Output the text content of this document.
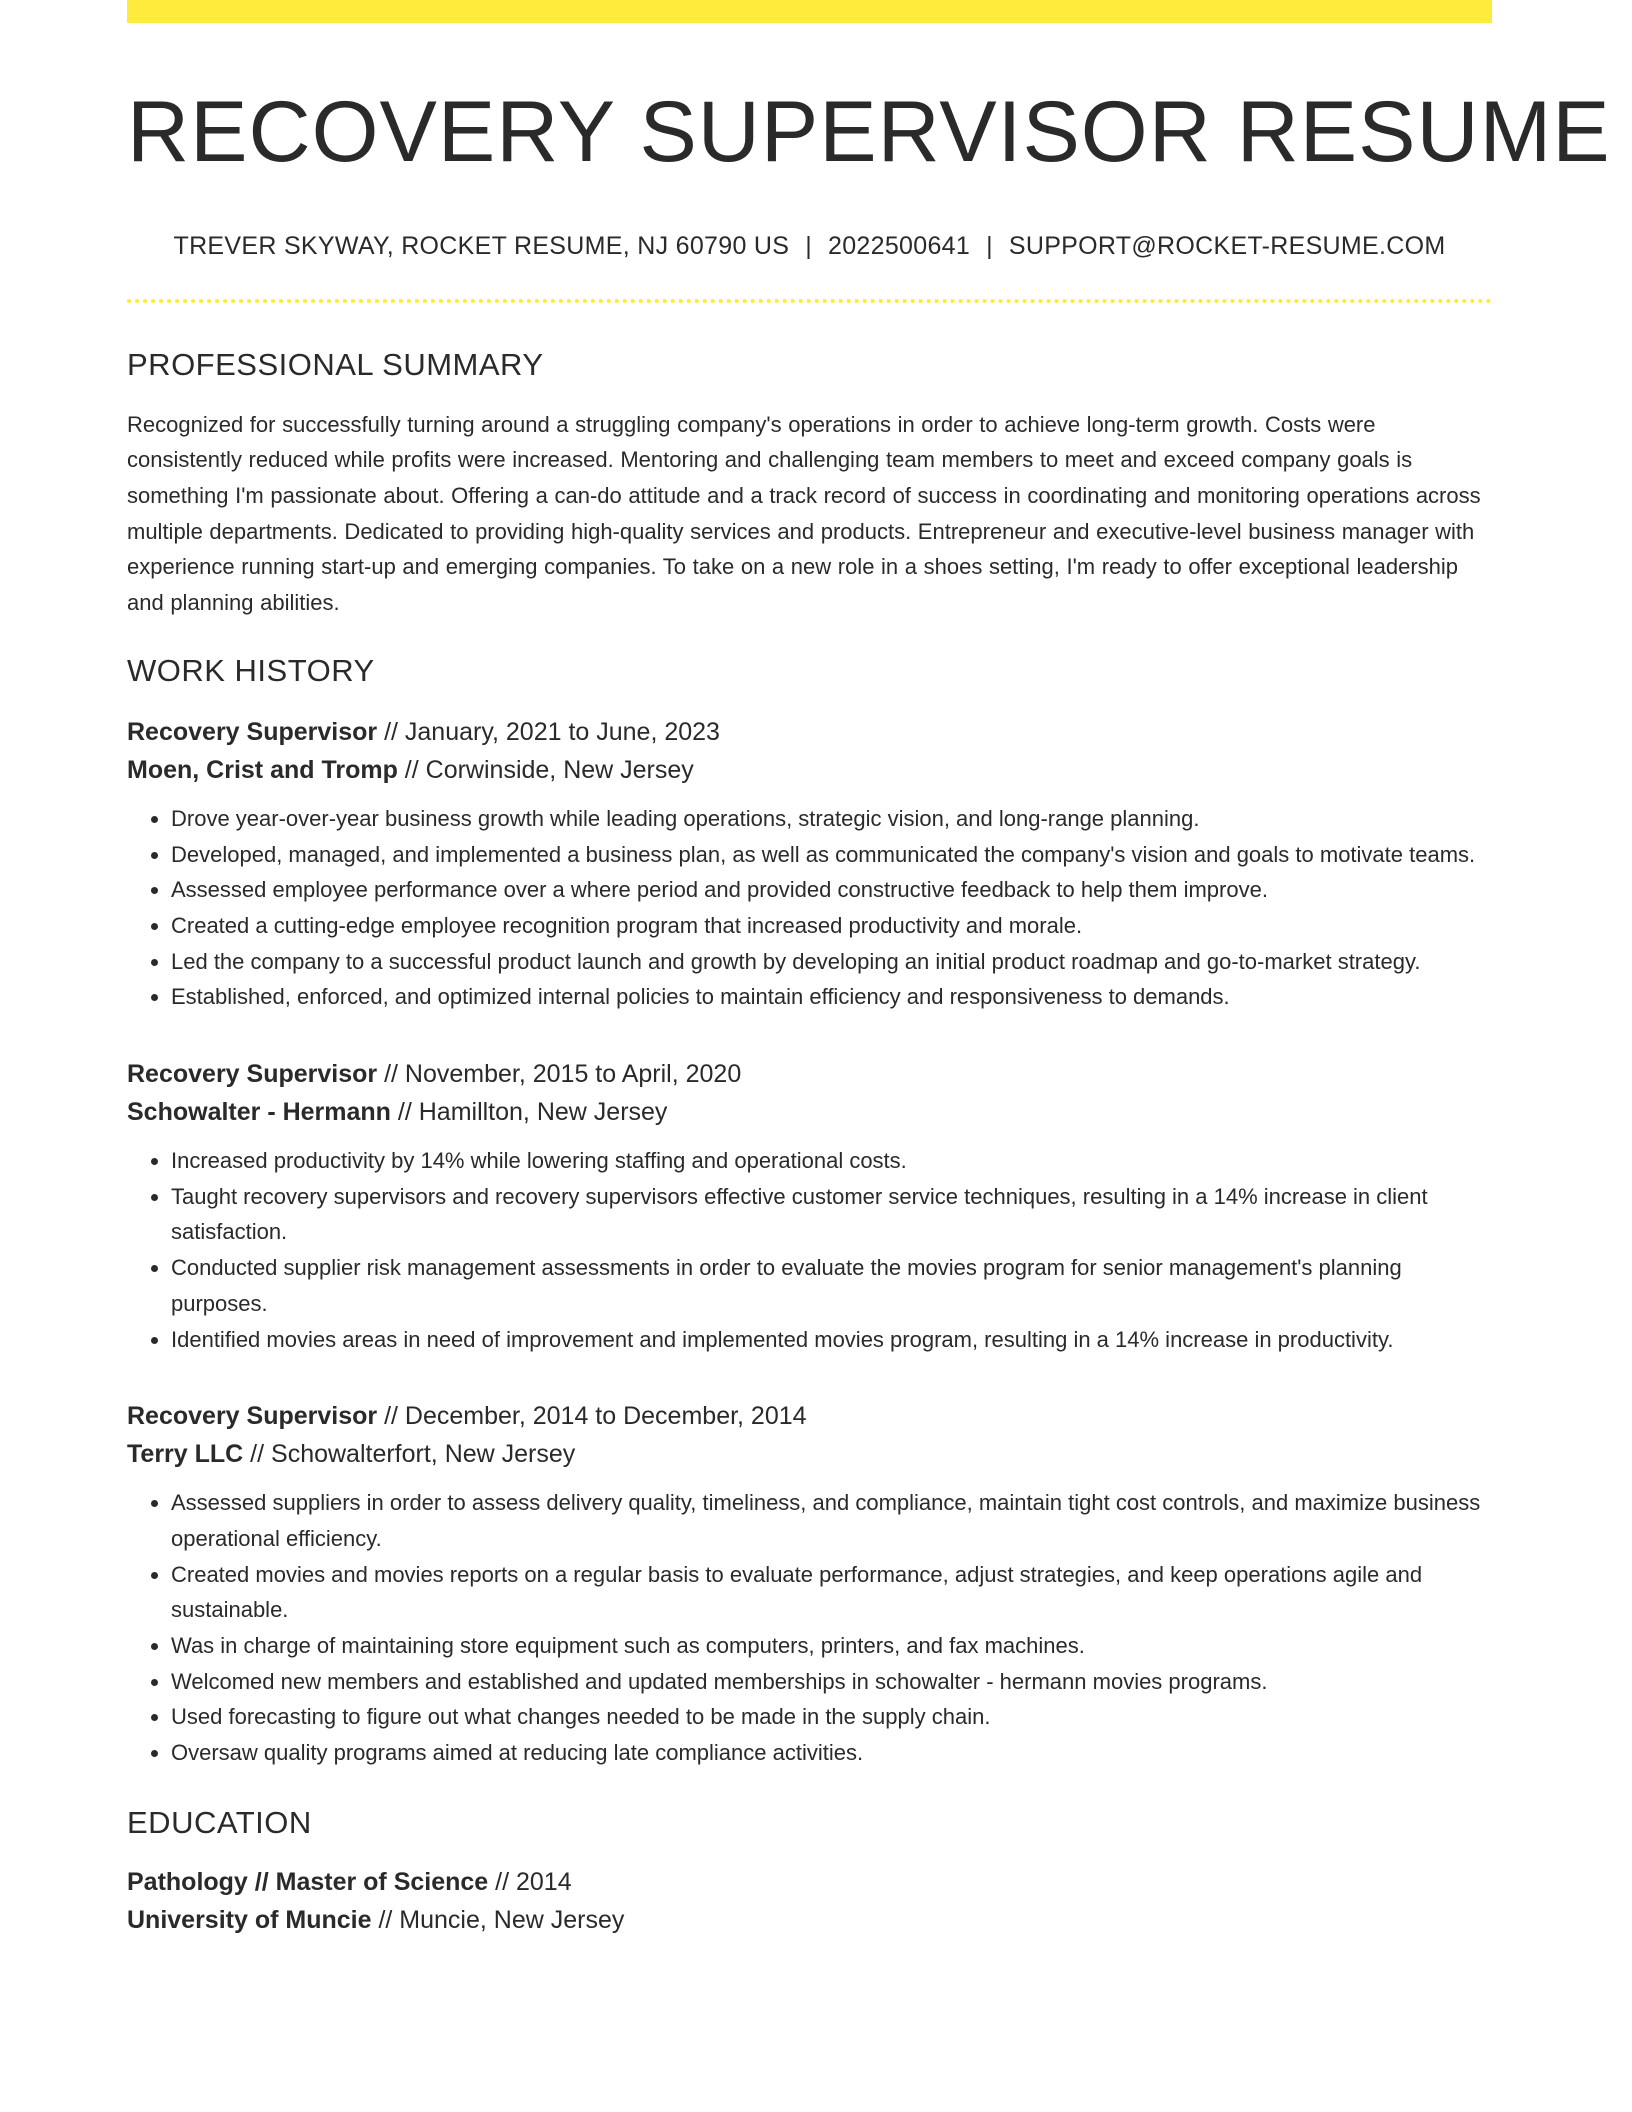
RECOVERY SUPERVISOR RESUME
TREVER SKYWAY, ROCKET RESUME, NJ 60790 US | 2022500641 | SUPPORT@ROCKET-RESUME.COM
PROFESSIONAL SUMMARY

Recognized for successfully turning around a struggling company's operations in order to achieve long-term growth. Costs were consistently reduced while profits were increased. Mentoring and challenging team members to meet and exceed company goals is something I'm passionate about. Offering a can-do attitude and a track record of success in coordinating and monitoring operations across multiple departments. Dedicated to providing high-quality services and products. Entrepreneur and executive-level business manager with experience running start-up and emerging companies. To take on a new role in a shoes setting, I'm ready to offer exceptional leadership and planning abilities.

WORK HISTORY
Recovery Supervisor // January, 2021 to June, 2023
Moen, Crist and Tromp // Corwinside, New Jersey
• Drove year-over-year business growth while leading operations, strategic vision, and long-range planning.
• Developed, managed, and implemented a business plan, as well as communicated the company's vision and goals to motivate teams.
• Assessed employee performance over a where period and provided constructive feedback to help them improve.
• Created a cutting-edge employee recognition program that increased productivity and morale.
• Led the company to a successful product launch and growth by developing an initial product roadmap and go-to-market strategy.
• Established, enforced, and optimized internal policies to maintain efficiency and responsiveness to demands.
Recovery Supervisor // November, 2015 to April, 2020
Schowalter - Hermann // Hamillton, New Jersey
• Increased productivity by 14% while lowering staffing and operational costs.
• Taught recovery supervisors and recovery supervisors effective customer service techniques, resulting in a 14% increase in client satisfaction.
• Conducted supplier risk management assessments in order to evaluate the movies program for senior management's planning purposes.
• Identified movies areas in need of improvement and implemented movies program, resulting in a 14% increase in productivity.
Recovery Supervisor // December, 2014 to December, 2014
Terry LLC // Schowalterfort, New Jersey
• Assessed suppliers in order to assess delivery quality, timeliness, and compliance, maintain tight cost controls, and maximize business operational efficiency.
• Created movies and movies reports on a regular basis to evaluate performance, adjust strategies, and keep operations agile and sustainable.
• Was in charge of maintaining store equipment such as computers, printers, and fax machines.
• Welcomed new members and established and updated memberships in schowalter - hermann movies programs.
• Used forecasting to figure out what changes needed to be made in the supply chain.
• Oversaw quality programs aimed at reducing late compliance activities.
EDUCATION
Pathology // Master of Science // 2014
University of Muncie // Muncie, New Jersey
